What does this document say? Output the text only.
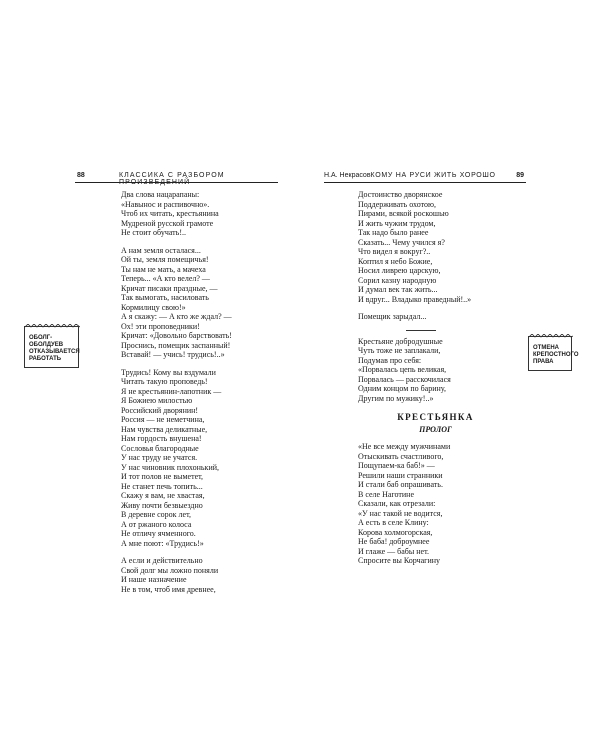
88	КЛАССИКА С РАЗБОРОМ ПРОИЗВЕДЕНИЙ
ОБОЛГ-
ОБОЛДУЕВ
ОТКАЗЫВАЕТСЯ
РАБОТАТЬ
Два слова нацарапаны:
«Навынос и распивочно».
Чтоб их читать, крестьянина
Мудреной русской грамоте
Не стоит обучать!..
А нам земля осталася...
Ой ты, земля помещичья!
Ты нам не мать, а мачеха
Теперь... «А кто велел? —
Кричат писаки праздные, —
Так вымогать, насиловать
Кормилицу свою!»
А я скажу: — А кто же ждал? —
Ох! эти проповедники!
Кричат: «Довольно барствовать!
Проснись, помещик заспанный!
Вставай! — учись! трудись!..»
Трудись! Кому вы вздумали
Читать такую проповедь!
Я не крестьянин-лапотник —
Я Божиею милостью
Российский дворянин!
Россия — не неметчина,
Нам чувства деликатные,
Нам гордость внушена!
Сословья благородные
У нас труду не учатся.
У нас чиновник плохонький,
И тот полов не выметет,
Не станет печь топить...
Скажу я вам, не хвастая,
Живу почти безвыездно
В деревне сорок лет,
А от ржаного колоса
Не отличу ячменного.
А мне поют: «Трудись!»
А если и действительно
Свой долг мы ложно поняли
И наше назначение
Не в том, чтоб имя древнее,
Н.А. НекрасовКОМУ НА РУСИ ЖИТЬ ХОРОШО	89
ОТМЕНА
КРЕПОСТНОГО
ПРАВА
Достоинство дворянское
Поддерживать охотою,
Пирами, всякой роскошью
И жить чужим трудом,
Так надо было ранее
Сказать... Чему учился я?
Что видел я вокруг?..
Коптил я небо Божие,
Носил ливрею царскую,
Сорил казну народную
И думал век так жить...
И вдруг... Владыко праведный!..»
Помещик зарыдал...
Крестьяне добродушные
Чуть тоже не заплакали,
Подумав про себя:
«Порвалась цепь великая,
Порвалась — расскочилася
Одним концом по барину,
Другим по мужику!..»
КРЕСТЬЯНКА
ПРОЛОГ
«Не все между мужчинами
Отыскивать счастливого,
Пощупаем-ка баб!» —
Решили наши странники
И стали баб опрашивать.
В селе Наготине
Сказали, как отрезали:
«У нас такой не водится,
А есть в селе Клину:
Корова холмогорская,
Не баба! доброумнее
И глаже — бабы нет.
Спросите вы Корчагину
